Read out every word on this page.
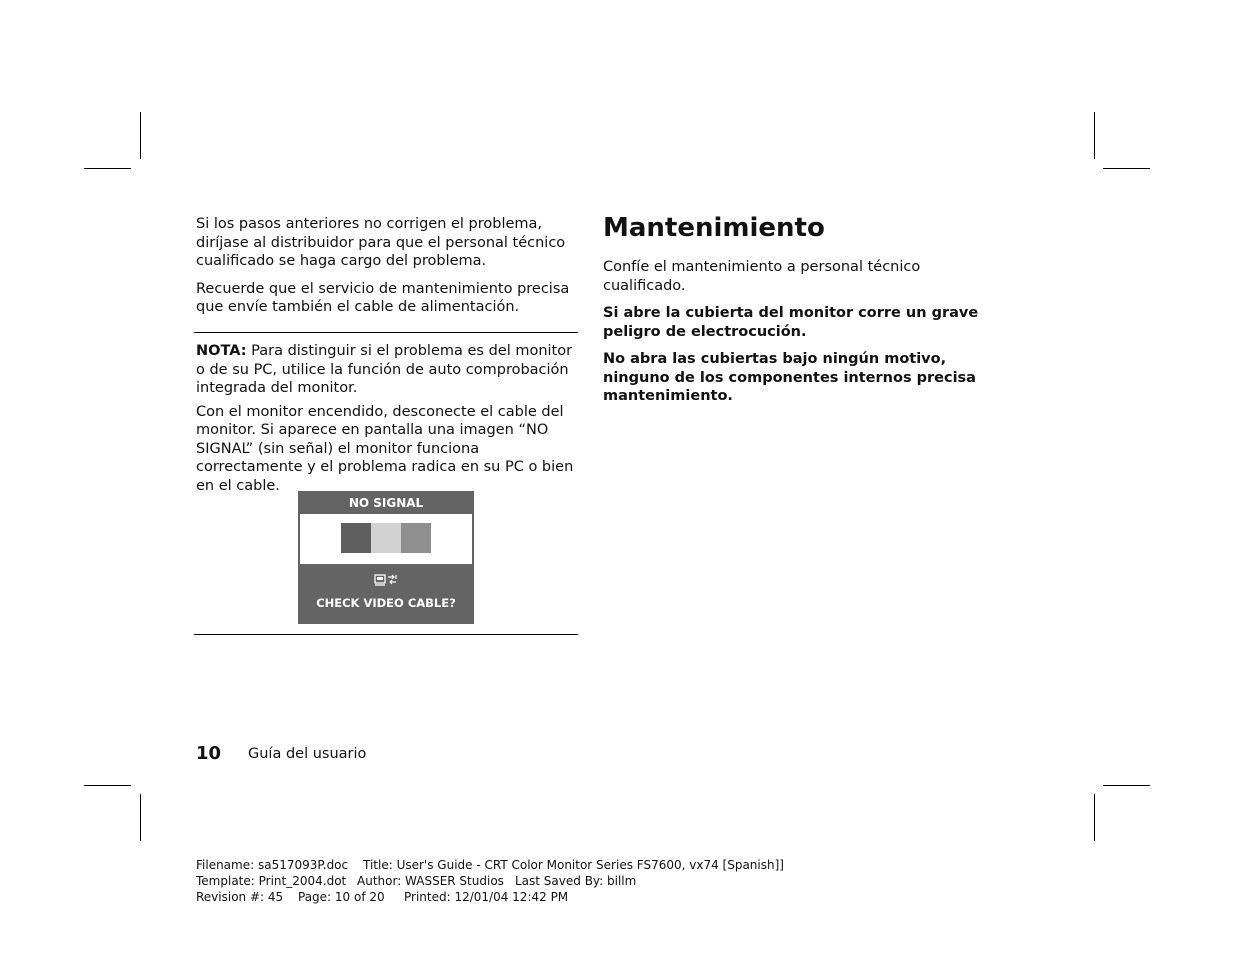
Si los pasos anteriores no corrigen el problema, diríjase al distribuidor para que el personal técnico cualificado se haga cargo del problema.

Recuerde que el servicio de mantenimiento precisa que envíe también el cable de alimentación.

NOTA: Para distinguir si el problema es del monitor o de su PC, utilice la función de auto comprobación integrada del monitor.

Con el monitor encendido, desconecte el cable del monitor. Si aparece en pantalla una imagen “NO SIGNAL” (sin señal) el monitor funciona correctamente y el problema radica en su PC o bien en el cable.

NO SIGNAL
CHECK VIDEO CABLE?
Mantenimiento

Confíe el mantenimiento a personal técnico cualificado.

Si abre la cubierta del monitor corre un grave peligro de electrocución.

No abra las cubiertas bajo ningún motivo, ninguno de los componentes internos precisa mantenimiento.

10 Guía del usuario
Filename: sa517093P.doc Title: User's Guide - CRT Color Monitor Series FS7600, vx74 [Spanish]]
Template: Print_2004.dot Author: WASSER Studios Last Saved By: billm
Revision #: 45 Page: 10 of 20 Printed: 12/01/04 12:42 PM
